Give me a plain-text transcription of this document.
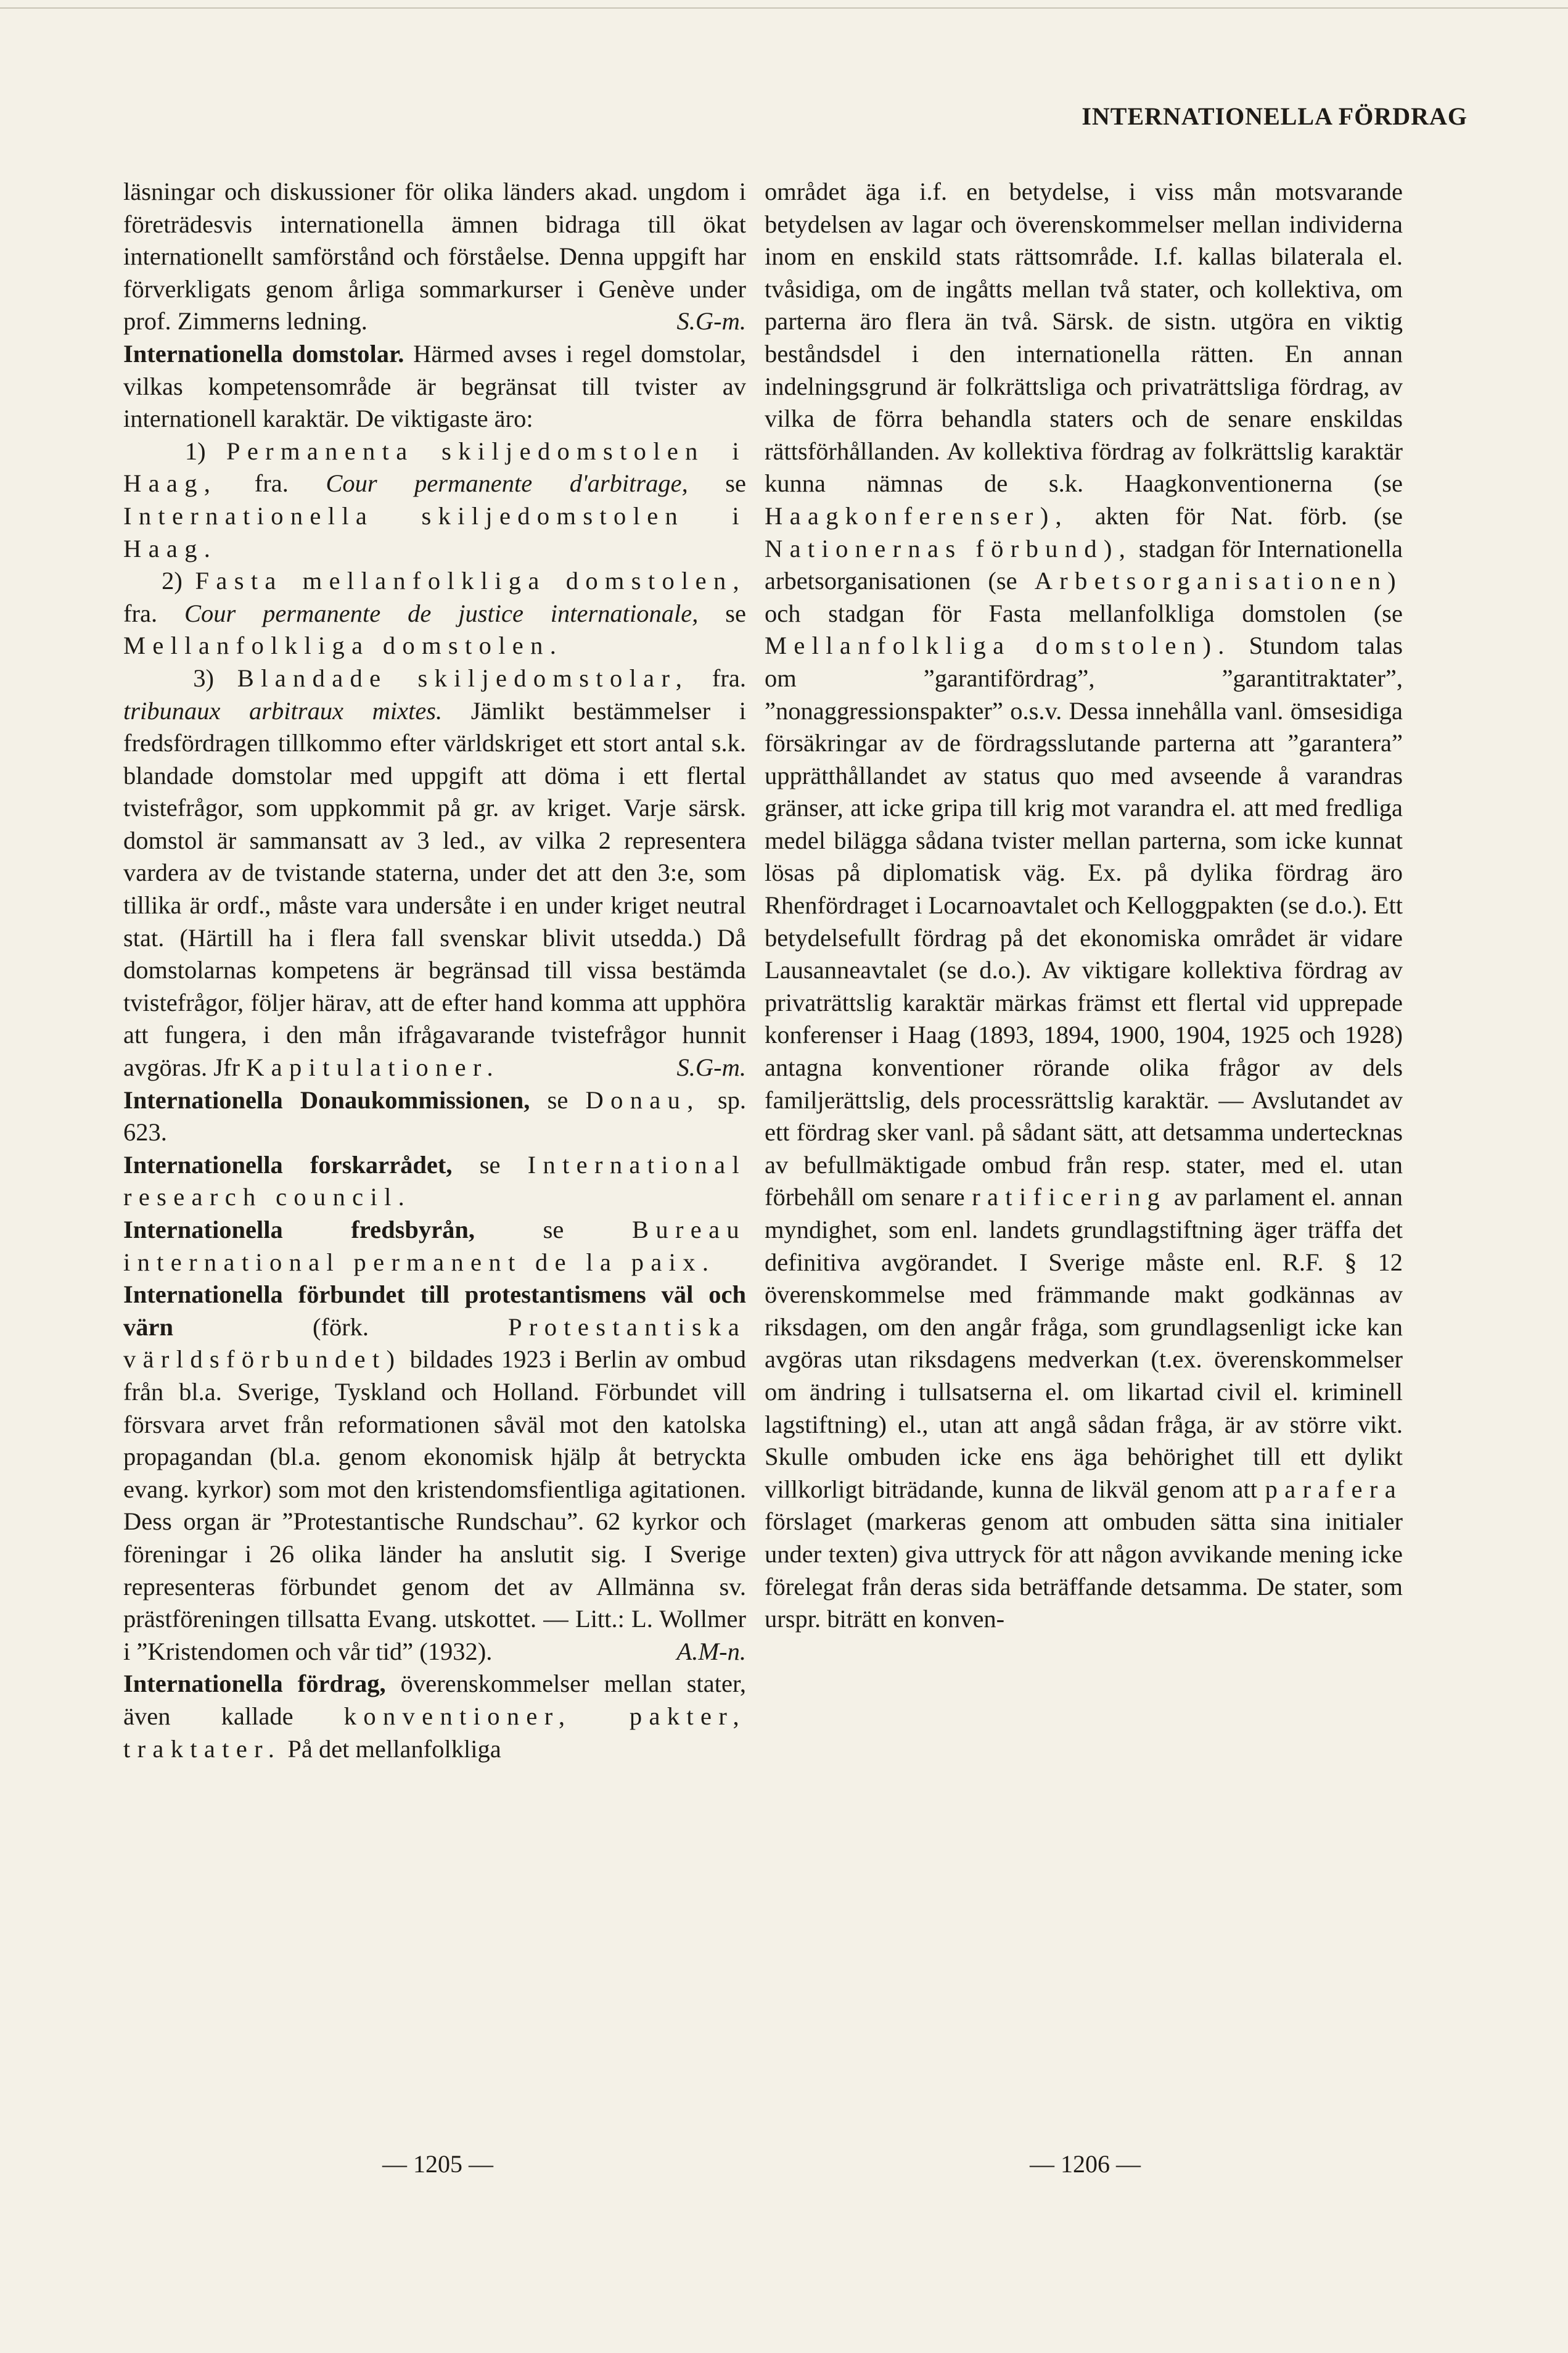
INTERNATIONELLA FÖRDRAG

läsningar och diskussioner för olika länders akad. ungdom i företrädesvis internationella ämnen bidraga till ökat internationellt samförstånd och förståelse. Denna uppgift har förverkligats genom årliga sommarkurser i Genève under prof. Zimmerns ledning.	S.G-m.

Internationella domstolar. Härmed avses i regel domstolar, vilkas kompetensområde är begränsat till tvister av internationell karaktär. De viktigaste äro:

1) Permanenta skiljedomstolen i Haag, fra. Cour permanente d'arbitrage, se Internationella skiljedomstolen i Haag.

2) Fasta mellanfolkliga domstolen, fra. Cour permanente de justice internationale, se Mellanfolkliga domstolen.

3) Blandade skiljedomstolar, fra. tribunaux arbitraux mixtes. Jämlikt bestämmelser i fredsfördragen tillkommo efter världskriget ett stort antal s.k. blandade domstolar med uppgift att döma i ett flertal tvistefrågor, som uppkommit på gr. av kriget. Varje särsk. domstol är sammansatt av 3 led., av vilka 2 representera vardera av de tvistande staterna, under det att den 3:e, som tillika är ordf., måste vara undersåte i en under kriget neutral stat. (Härtill ha i flera fall svenskar blivit utsedda.) Då domstolarnas kompetens är begränsad till vissa bestämda tvistefrågor, följer härav, att de efter hand komma att upphöra att fungera, i den mån ifrågavarande tvistefrågor hunnit avgöras. Jfr Kapitulationer.	S.G-m.

Internationella Donaukommissionen, se Donau, sp. 623.

Internationella forskarrådet, se International research council.

Internationella fredsbyrån,	se	Bureau international permanent de la paix.

Internationella förbundet till protestantismens väl och värn	(förk.	Protestantiska världsförbundet) bildades 1923 i Berlin av ombud från bl.a. Sverige, Tyskland och Holland. Förbundet vill försvara arvet från reformationen såväl mot den katolska propagandan (bl.a. genom ekonomisk hjälp åt betryckta evang. kyrkor) som mot den kristendomsfientliga agitationen. Dess organ är ”Protestantische Rundschau”. 62 kyrkor och föreningar i 26 olika länder ha anslutit sig. I Sverige representeras förbundet genom det av Allmänna sv. prästföreningen tillsatta Evang. utskottet. — Litt.: L. Wollmer i ”Kristendomen och vår tid” (1932).	A.M-n.

Internationella fördrag, överenskommelser mellan stater, även kallade konventioner, pakter, traktater. På det mellanfolkliga

området äga i.f. en betydelse, i viss mån motsvarande betydelsen av lagar och överenskommelser mellan individerna inom en enskild stats rättsområde. I.f. kallas bilaterala el. tvåsidiga, om de ingåtts mellan två stater, och kollektiva, om parterna äro flera än två. Särsk. de sistn. utgöra en viktig beståndsdel i den internationella rätten. En annan indelningsgrund är folkrättsliga och privaträttsliga fördrag, av vilka de förra behandla staters och de senare enskildas rättsförhållanden. Av kollektiva fördrag av folkrättslig karaktär kunna nämnas de s.k. Haagkonventionerna (se Haagkonferenser), akten för Nat. förb. (se Nationernas förbund), stadgan för Internationella arbetsorganisationen (se Arbetsorganisationen) och stadgan för Fasta mellanfolkliga domstolen (se Mellanfolkliga domstolen). Stundom talas om ”garantifördrag”, ”garantitraktater”, ”nonaggressionspakter” o.s.v. Dessa innehålla vanl. ömsesidiga försäkringar av de fördragsslutande parterna att ”garantera” upprätthållandet av status quo med avseende å varandras gränser, att icke gripa till krig mot varandra el. att med fredliga medel bilägga sådana tvister mellan parterna, som icke kunnat lösas på diplomatisk väg. Ex. på dylika fördrag äro Rhenfördraget i Locarnoavtalet och Kelloggpakten (se d.o.). Ett betydelsefullt fördrag på det ekonomiska området är vidare Lausanneavtalet (se d.o.). Av viktigare kollektiva fördrag av privaträttslig karaktär märkas främst ett flertal vid upprepade konferenser i Haag (1893, 1894, 1900, 1904, 1925 och 1928) antagna konventioner rörande olika frågor av dels familjerättslig, dels processrättslig karaktär. — Avslutandet av ett fördrag sker vanl. på sådant sätt, att detsamma undertecknas av befullmäktigade ombud från resp. stater, med el. utan förbehåll om senare ratificering av parlament el. annan myndighet, som enl. landets grundlagstiftning äger träffa det definitiva avgörandet. I Sverige måste enl. R.F. § 12 överenskommelse med främmande makt godkännas av riksdagen, om den angår fråga, som grundlagsenligt icke kan avgöras utan riksdagens medverkan (t.ex. överenskommelser om ändring i tullsatserna el. om likartad civil el. kriminell lagstiftning) el., utan att angå sådan fråga, är av större vikt. Skulle ombuden icke ens äga behörighet till ett dylikt villkorligt biträdande, kunna de likväl genom att parafera förslaget (markeras genom att ombuden sätta sina initialer under texten) giva uttryck för att någon avvikande mening icke förelegat från deras sida beträffande detsamma. De stater, som urspr. biträtt en konven-

— 1205 —	— 1206 —
